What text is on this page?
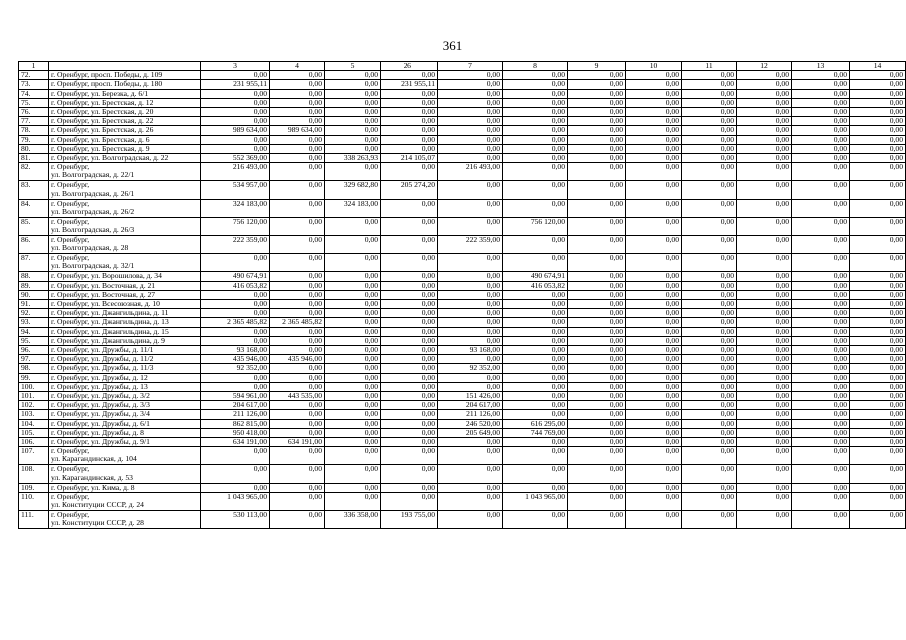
361
1	2	3	4	5	6	7	8	9	10	11	12	13	14
72.	г. Оренбург, просп. Победы, д. 109	0,00	0,00	0,00	0,00	0,00	0,00	0,00	0,00	0,00	0,00	0,00	0,00
73.	г. Оренбург, просп. Победы, д. 180	231 955,11	0,00	0,00	231 955,11	0,00	0,00	0,00	0,00	0,00	0,00	0,00	0,00
74.	г. Оренбург, ул. Березка, д. 6/1	0,00	0,00	0,00	0,00	0,00	0,00	0,00	0,00	0,00	0,00	0,00	0,00
75.	г. Оренбург, ул. Брестская, д. 12	0,00	0,00	0,00	0,00	0,00	0,00	0,00	0,00	0,00	0,00	0,00	0,00
76.	г. Оренбург, ул. Брестская, д. 20	0,00	0,00	0,00	0,00	0,00	0,00	0,00	0,00	0,00	0,00	0,00	0,00
77.	г. Оренбург, ул. Брестская, д. 22	0,00	0,00	0,00	0,00	0,00	0,00	0,00	0,00	0,00	0,00	0,00	0,00
78.	г. Оренбург, ул. Брестская, д. 26	989 634,00	989 634,00	0,00	0,00	0,00	0,00	0,00	0,00	0,00	0,00	0,00	0,00
79.	г. Оренбург, ул. Брестская, д. 6	0,00	0,00	0,00	0,00	0,00	0,00	0,00	0,00	0,00	0,00	0,00	0,00
80.	г. Оренбург, ул. Брестская, д. 9	0,00	0,00	0,00	0,00	0,00	0,00	0,00	0,00	0,00	0,00	0,00	0,00
81.	г. Оренбург, ул. Волгоградская, д. 22	552 369,00	0,00	338 263,93	214 105,07	0,00	0,00	0,00	0,00	0,00	0,00	0,00	0,00
82.	г. Оренбург,
ул. Волгоградская, д. 22/1	216 493,00	0,00	0,00	0,00	216 493,00	0,00	0,00	0,00	0,00	0,00	0,00	0,00
83.	г. Оренбург,
ул. Волгоградская, д. 26/1	534 957,00	0,00	329 682,80	205 274,20	0,00	0,00	0,00	0,00	0,00	0,00	0,00	0,00
84.	г. Оренбург,
ул. Волгоградская, д. 26/2	324 183,00	0,00	324 183,00	0,00	0,00	0,00	0,00	0,00	0,00	0,00	0,00	0,00
85.	г. Оренбург,
ул. Волгоградская, д. 26/3	756 120,00	0,00	0,00	0,00	0,00	756 120,00	0,00	0,00	0,00	0,00	0,00	0,00
86.	г. Оренбург,
ул. Волгоградская, д. 28	222 359,00	0,00	0,00	0,00	222 359,00	0,00	0,00	0,00	0,00	0,00	0,00	0,00
87.	г. Оренбург,
ул. Волгоградская, д. 32/1	0,00	0,00	0,00	0,00	0,00	0,00	0,00	0,00	0,00	0,00	0,00	0,00
88.	г. Оренбург, ул. Ворошилова, д. 34	490 674,91	0,00	0,00	0,00	0,00	490 674,91	0,00	0,00	0,00	0,00	0,00	0,00
89.	г. Оренбург, ул. Восточная, д. 21	416 053,82	0,00	0,00	0,00	0,00	416 053,82	0,00	0,00	0,00	0,00	0,00	0,00
90.	г. Оренбург, ул. Восточная, д. 27	0,00	0,00	0,00	0,00	0,00	0,00	0,00	0,00	0,00	0,00	0,00	0,00
91.	г. Оренбург, ул. Всесоюзная, д. 10	0,00	0,00	0,00	0,00	0,00	0,00	0,00	0,00	0,00	0,00	0,00	0,00
92.	г. Оренбург, ул. Джангильдина, д. 11	0,00	0,00	0,00	0,00	0,00	0,00	0,00	0,00	0,00	0,00	0,00	0,00
93.	г. Оренбург, ул. Джангильдина, д. 13	2 365 485,82	2 365 485,82	0,00	0,00	0,00	0,00	0,00	0,00	0,00	0,00	0,00	0,00
94.	г. Оренбург, ул. Джангильдина, д. 15	0,00	0,00	0,00	0,00	0,00	0,00	0,00	0,00	0,00	0,00	0,00	0,00
95.	г. Оренбург, ул. Джангильдина, д. 9	0,00	0,00	0,00	0,00	0,00	0,00	0,00	0,00	0,00	0,00	0,00	0,00
96.	г. Оренбург, ул. Дружбы, д. 11/1	93 168,00	0,00	0,00	0,00	93 168,00	0,00	0,00	0,00	0,00	0,00	0,00	0,00
97.	г. Оренбург, ул. Дружбы, д. 11/2	435 946,00	435 946,00	0,00	0,00	0,00	0,00	0,00	0,00	0,00	0,00	0,00	0,00
98.	г. Оренбург, ул. Дружбы, д. 11/3	92 352,00	0,00	0,00	0,00	92 352,00	0,00	0,00	0,00	0,00	0,00	0,00	0,00
99.	г. Оренбург, ул. Дружбы, д. 12	0,00	0,00	0,00	0,00	0,00	0,00	0,00	0,00	0,00	0,00	0,00	0,00
100.	г. Оренбург, ул. Дружбы, д. 13	0,00	0,00	0,00	0,00	0,00	0,00	0,00	0,00	0,00	0,00	0,00	0,00
101.	г. Оренбург, ул. Дружбы, д. 3/2	594 961,00	443 535,00	0,00	0,00	151 426,00	0,00	0,00	0,00	0,00	0,00	0,00	0,00
102.	г. Оренбург, ул. Дружбы, д. 3/3	204 617,00	0,00	0,00	0,00	204 617,00	0,00	0,00	0,00	0,00	0,00	0,00	0,00
103.	г. Оренбург, ул. Дружбы, д. 3/4	211 126,00	0,00	0,00	0,00	211 126,00	0,00	0,00	0,00	0,00	0,00	0,00	0,00
104.	г. Оренбург, ул. Дружбы, д. 6/1	862 815,00	0,00	0,00	0,00	246 520,00	616 295,00	0,00	0,00	0,00	0,00	0,00	0,00
105.	г. Оренбург, ул. Дружбы, д. 8	950 418,00	0,00	0,00	0,00	205 649,00	744 769,00	0,00	0,00	0,00	0,00	0,00	0,00
106.	г. Оренбург, ул. Дружбы, д. 9/1	634 191,00	634 191,00	0,00	0,00	0,00	0,00	0,00	0,00	0,00	0,00	0,00	0,00
107.	г. Оренбург,
ул. Карагандинская, д. 104	0,00	0,00	0,00	0,00	0,00	0,00	0,00	0,00	0,00	0,00	0,00	0,00
108.	г. Оренбург,
ул. Карагандинская, д. 53	0,00	0,00	0,00	0,00	0,00	0,00	0,00	0,00	0,00	0,00	0,00	0,00
109.	г. Оренбург, ул. Кима, д. 8	0,00	0,00	0,00	0,00	0,00	0,00	0,00	0,00	0,00	0,00	0,00	0,00
110.	г. Оренбург,
ул. Конституции СССР, д. 24	1 043 965,00	0,00	0,00	0,00	0,00	1 043 965,00	0,00	0,00	0,00	0,00	0,00	0,00
111.	г. Оренбург,
ул. Конституции СССР, д. 28	530 113,00	0,00	336 358,00	193 755,00	0,00	0,00	0,00	0,00	0,00	0,00	0,00	0,00
